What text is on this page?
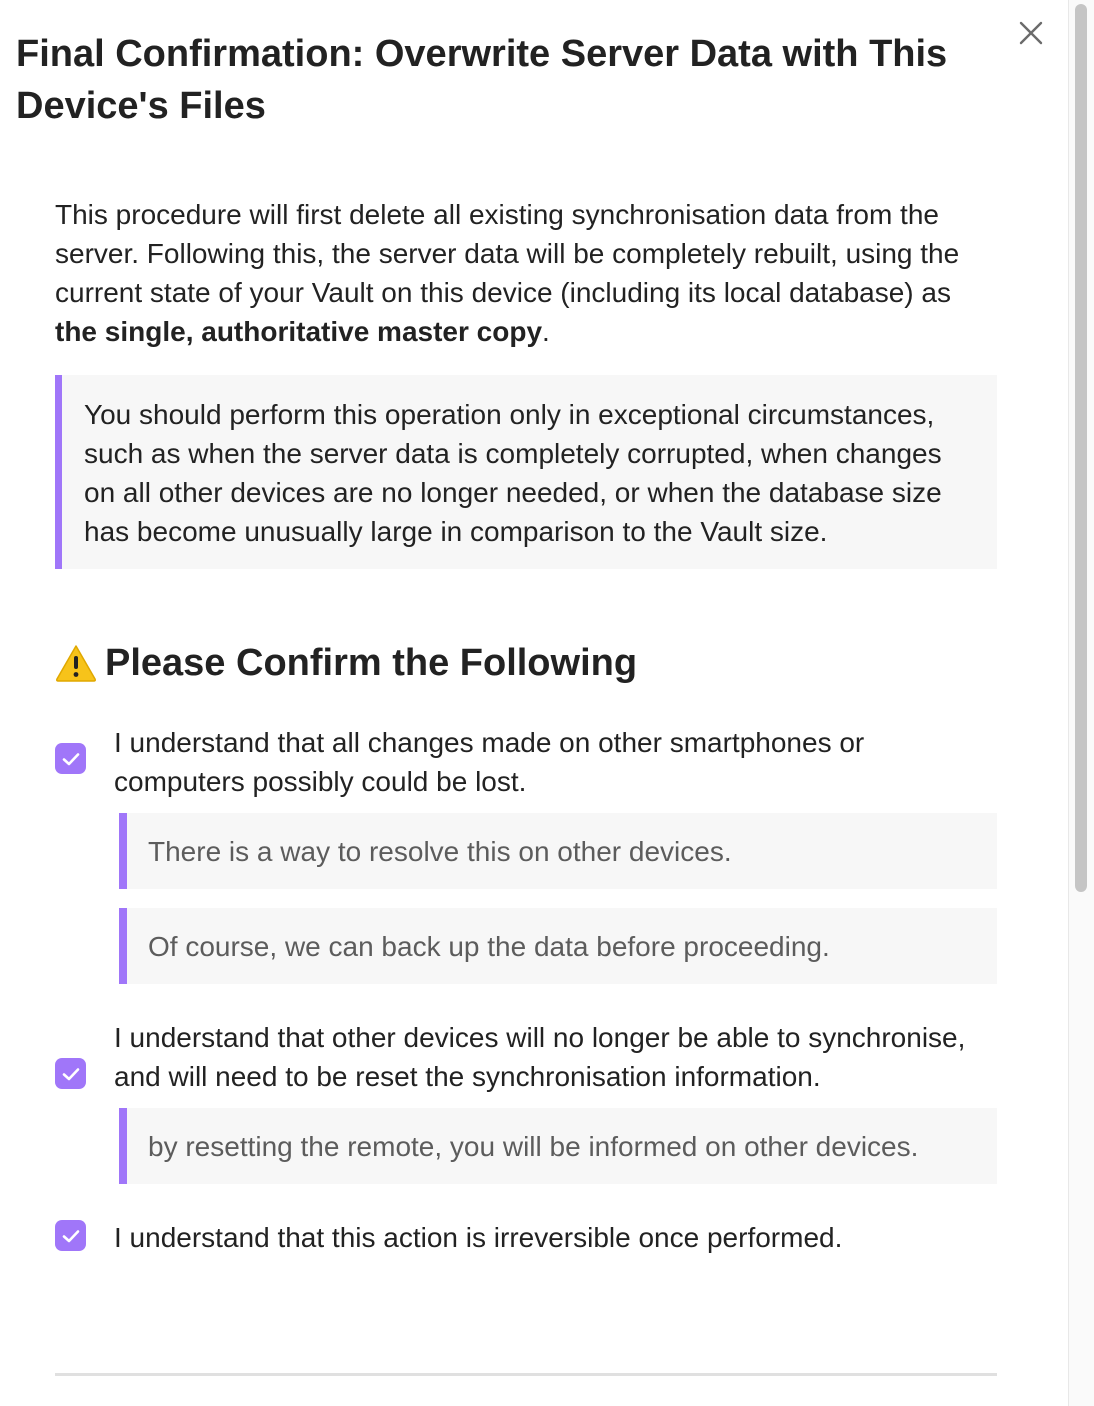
Final Confirmation: Overwrite Server Data with This Device's Files

This procedure will first delete all existing synchronisation data from the server. Following this, the server data will be completely rebuilt, using the current state of your Vault on this device (including its local database) as the single, authoritative master copy.

You should perform this operation only in exceptional circumstances, such as when the server data is completely corrupted, when changes on all other devices are no longer needed, or when the database size has become unusually large in comparison to the Vault size.
Please Confirm the Following
I understand that all changes made on other smartphones or computers possibly could be lost.
There is a way to resolve this on other devices.
Of course, we can back up the data before proceeding.
I understand that other devices will no longer be able to synchronise, and will need to be reset the synchronisation information.
by resetting the remote, you will be informed on other devices.
I understand that this action is irreversible once performed.
